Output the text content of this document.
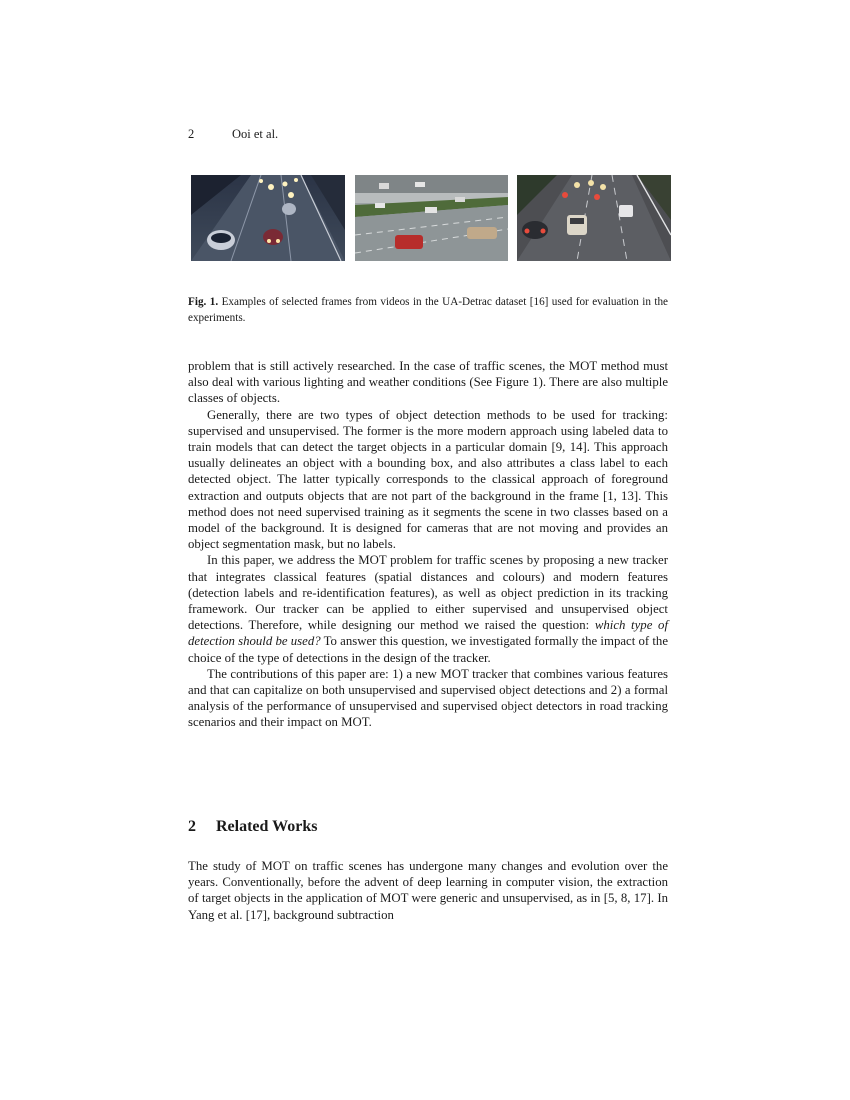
2	Ooi et al.
Fig. 1. Examples of selected frames from videos in the UA-Detrac dataset [16] used for evaluation in the experiments.

problem that is still actively researched. In the case of traffic scenes, the MOT method must also deal with various lighting and weather conditions (See Figure 1). There are also multiple classes of objects.

Generally, there are two types of object detection methods to be used for tracking: supervised and unsupervised. The former is the more modern approach using labeled data to train models that can detect the target objects in a particular domain [9, 14]. This approach usually delineates an object with a bounding box, and also attributes a class label to each detected object. The latter typically corresponds to the classical approach of foreground extraction and outputs objects that are not part of the background in the frame [1, 13]. This method does not need supervised training as it segments the scene in two classes based on a model of the background. It is designed for cameras that are not moving and provides an object segmentation mask, but no labels.

In this paper, we address the MOT problem for traffic scenes by proposing a new tracker that integrates classical features (spatial distances and colours) and modern features (detection labels and re-identification features), as well as object prediction in its tracking framework. Our tracker can be applied to either supervised and unsupervised object detections. Therefore, while designing our method we raised the question: which type of detection should be used? To answer this question, we investigated formally the impact of the choice of the type of detections in the design of the tracker.

The contributions of this paper are: 1) a new MOT tracker that combines various features and that can capitalize on both unsupervised and supervised object detections and 2) a formal analysis of the performance of unsupervised and supervised object detectors in road tracking scenarios and their impact on MOT.

2 Related Works

The study of MOT on traffic scenes has undergone many changes and evolution over the years. Conventionally, before the advent of deep learning in computer vision, the extraction of target objects in the application of MOT were generic and unsupervised, as in [5, 8, 17]. In Yang et al. [17], background subtraction
